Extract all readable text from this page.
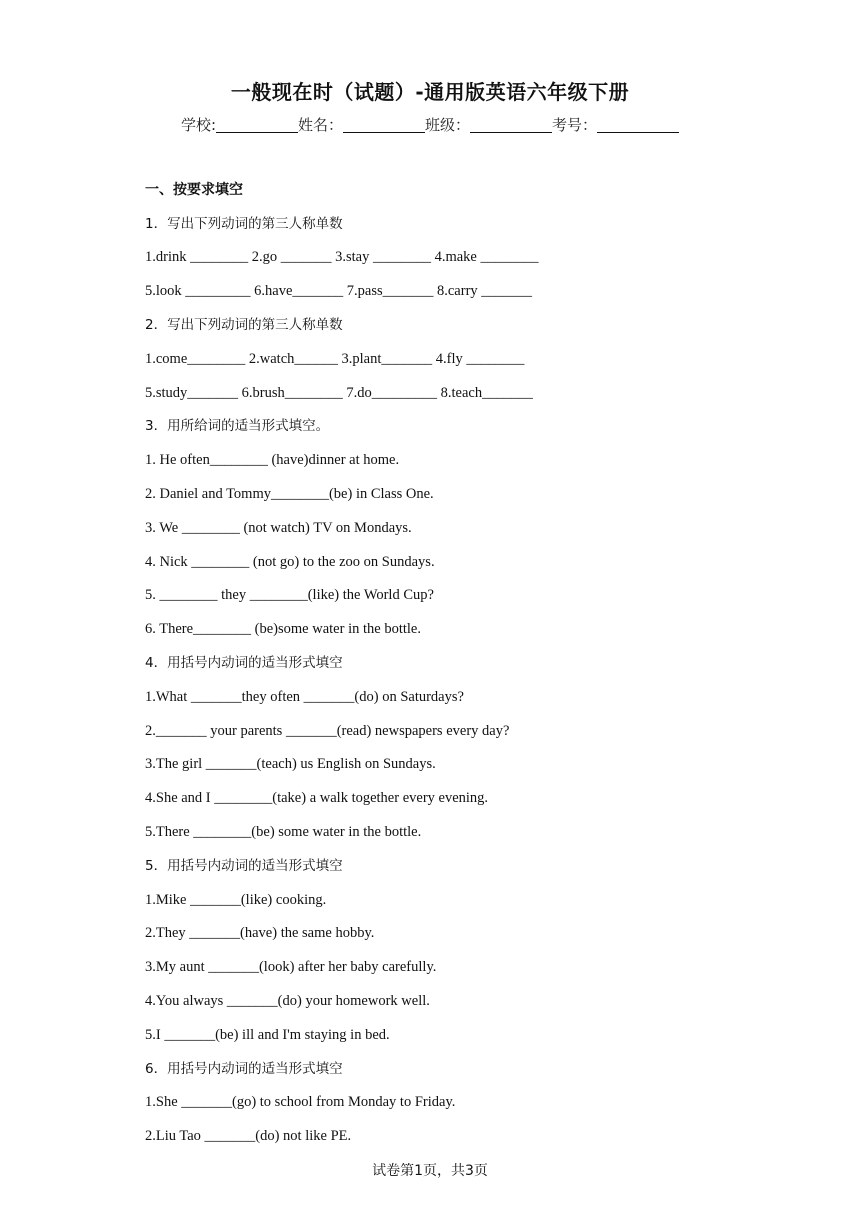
一般现在时（试题）-通用版英语六年级下册
学校:	姓名：	班级：	考号：
一、按要求填空
1．写出下列动词的第三人称单数
1.drink ________ 2.go _______ 3.stay ________ 4.make ________
5.look _________ 6.have_______ 7.pass_______ 8.carry _______
2．写出下列动词的第三人称单数
1.come________ 2.watch______ 3.plant_______ 4.fly ________
5.study_______ 6.brush________ 7.do_________ 8.teach_______
3．用所给词的适当形式填空。
1. He often________ (have)dinner at home.
2. Daniel and Tommy________(be) in Class One.
3. We ________ (not watch) TV on Mondays.
4. Nick ________ (not go) to the zoo on Sundays.
5. ________ they ________(like) the World Cup?
6. There________ (be)some water in the bottle.
4．用括号内动词的适当形式填空
1.What _______they often _______(do) on Saturdays?
2._______ your parents _______(read) newspapers every day?
3.The girl _______(teach) us English on Sundays.
4.She and I ________(take) a walk together every evening.
5.There ________(be) some water in the bottle.
5．用括号内动词的适当形式填空
1.Mike _______(like) cooking.
2.They _______(have) the same hobby.
3.My aunt _______(look) after her baby carefully.
4.You always _______(do) your homework well.
5.I _______(be) ill and I'm staying in bed.
6．用括号内动词的适当形式填空
1.She _______(go) to school from Monday to Friday.
2.Liu Tao _______(do) not like PE.
试卷第1页，共3页
